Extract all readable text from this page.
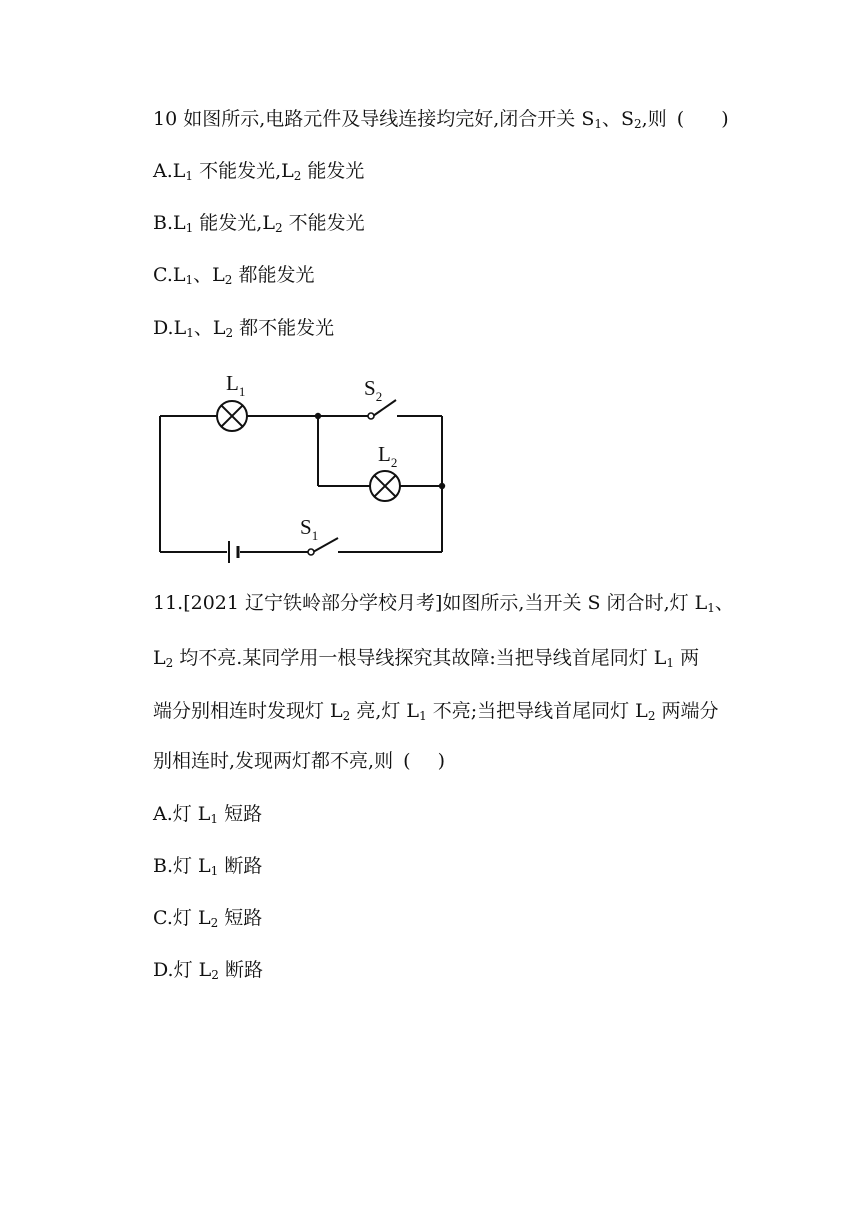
10 如图所示,电路元件及导线连接均完好,闭合开关 $S_1$、$S_2$,则 (
)
$A.L_1$ 不能发光$,L_2$ 能发光
$B.L_1$ 能发光$,L_2$ 不能发光
$C.L_1$、$L_2$ 都能发光
$D.L_1$、$L_2$ 都不能发光
$L_1$
$L_2$
$S_2$
$S_1$
11.[2021 辽宁铁岭部分学校月考]如图所示,当开关 S 闭合时,灯 $L_1$、
$L_2$ 均不亮.某同学用一根导线探究其故障:当把导线首尾同灯 $L_1$ 两
端分别相连时发现灯 $L_2$ 亮,灯 $L_1$ 不亮;当把导线首尾同灯 $L_2$ 两端分
别相连时,发现两灯都不亮,则 (
)
A.灯 $L_1$ 短路
B.灯 $L_1$ 断路
C.灯 $L_2$ 短路
D.灯 $L_2$ 断路
